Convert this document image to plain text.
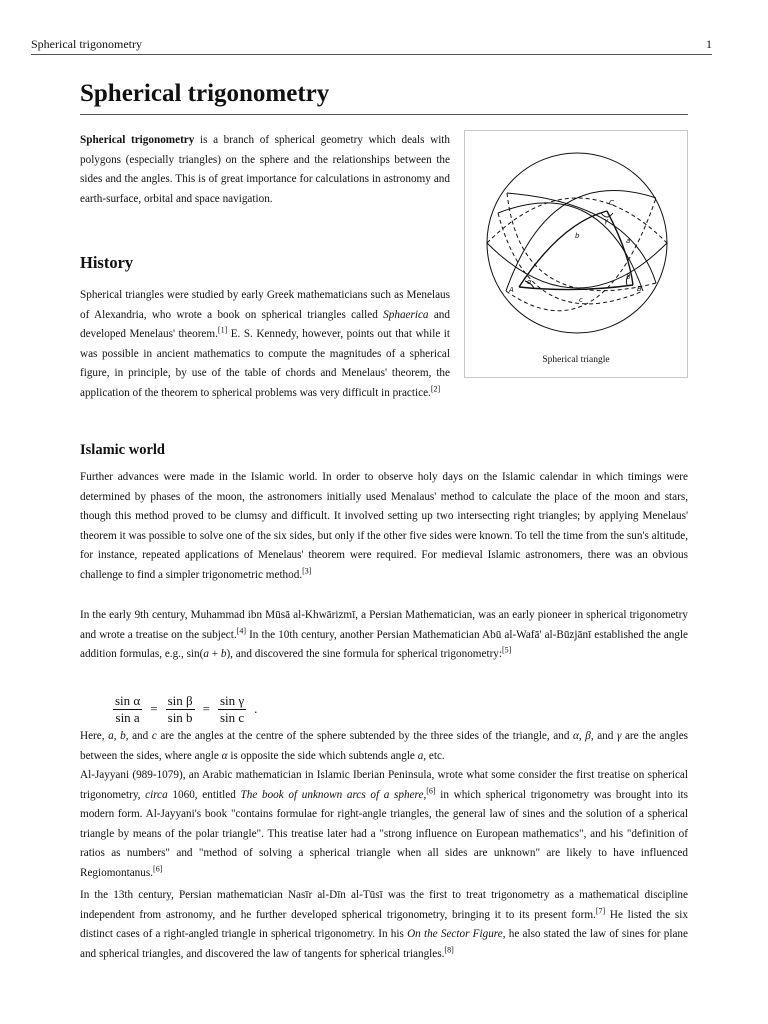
Spherical trigonometry	1
Spherical trigonometry

Spherical trigonometry is a branch of spherical geometry which deals with polygons (especially triangles) on the sphere and the relationships between the sides and the angles. This is of great importance for calculations in astronomy and earth-surface, orbital and space navigation.

A	B
C
a
b
c
α
β
γ
Spherical triangle
History

Spherical triangles were studied by early Greek mathematicians such as Menelaus of Alexandria, who wrote a book on spherical triangles called Sphaerica and developed Menelaus' theorem.[1] E. S. Kennedy, however, points out that while it was possible in ancient mathematics to compute the magnitudes of a spherical figure, in principle, by use of the table of chords and Menelaus' theorem, the application of the theorem to spherical problems was very difficult in practice.[2]

Islamic world

Further advances were made in the Islamic world. In order to observe holy days on the Islamic calendar in which timings were determined by phases of the moon, the astronomers initially used Menalaus' method to calculate the place of the moon and stars, though this method proved to be clumsy and difficult. It involved setting up two intersecting right triangles; by applying Menelaus' theorem it was possible to solve one of the six sides, but only if the other five sides were known. To tell the time from the sun's altitude, for instance, repeated applications of Menelaus' theorem were required. For medieval Islamic astronomers, there was an obvious challenge to find a simpler trigonometric method.[3]

In the early 9th century, Muhammad ibn Mūsā al-Khwārizmī, a Persian Mathematician, was an early pioneer in spherical trigonometry and wrote a treatise on the subject.[4] In the 10th century, another Persian Mathematician Abū al-Wafā' al-Būzjānī established the angle addition formulas, e.g., sin(a + b), and discovered the sine formula for spherical trigonometry:[5]

$\frac{\text{sin α}}{\text{sin a}} = \frac{\text{sin β}}{\text{sin b}} = \frac{\text{sin γ}}{\text{sin c}}$ .

Here, a, b, and c are the angles at the centre of the sphere subtended by the three sides of the triangle, and α, β, and γ are the angles between the sides, where angle α is opposite the side which subtends angle a, etc.

Al-Jayyani (989-1079), an Arabic mathematician in Islamic Iberian Peninsula, wrote what some consider the first treatise on spherical trigonometry, circa 1060, entitled The book of unknown arcs of a sphere,[6] in which spherical trigonometry was brought into its modern form. Al-Jayyani's book "contains formulae for right-angle triangles, the general law of sines and the solution of a spherical triangle by means of the polar triangle". This treatise later had a "strong influence on European mathematics", and his "definition of ratios as numbers" and "method of solving a spherical triangle when all sides are unknown" are likely to have influenced Regiomontanus.[6]

In the 13th century, Persian mathematician Nasīr al-Dīn al-Tūsī was the first to treat trigonometry as a mathematical discipline independent from astronomy, and he further developed spherical trigonometry, bringing it to its present form.[7] He listed the six distinct cases of a right-angled triangle in spherical trigonometry. In his On the Sector Figure, he also stated the law of sines for plane and spherical triangles, and discovered the law of tangents for spherical triangles.[8]
